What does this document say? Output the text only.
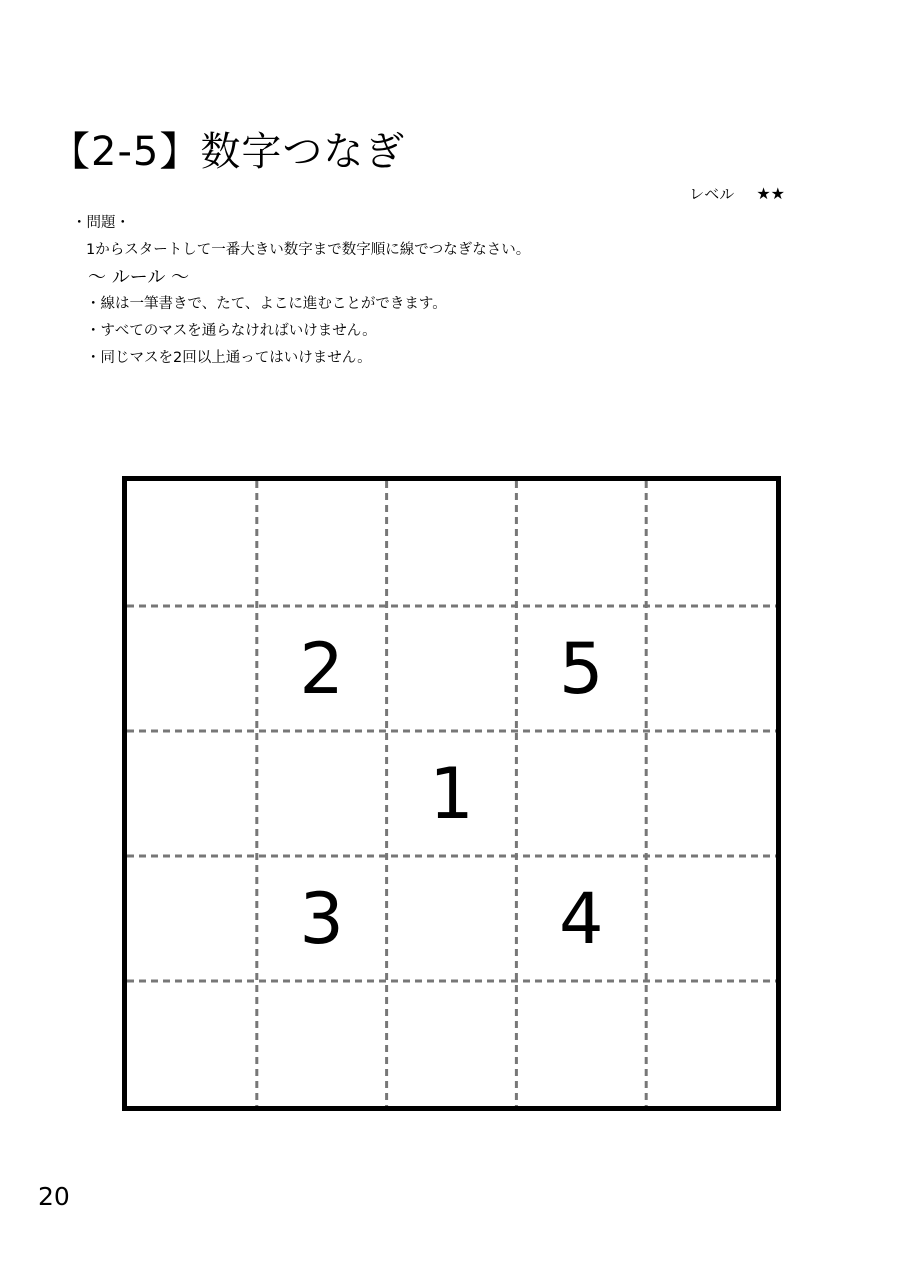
【2-5】数字つなぎ
レベル ★★
・問題・
1からスタートして一番大きい数字まで数字順に線でつなぎなさい。
〜 ルール 〜
・線は一筆書きで、たて、よこに進むことができます。
・すべてのマスを通らなければいけません。
・同じマスを2回以上通ってはいけません。
2	5
1
3	4
20
